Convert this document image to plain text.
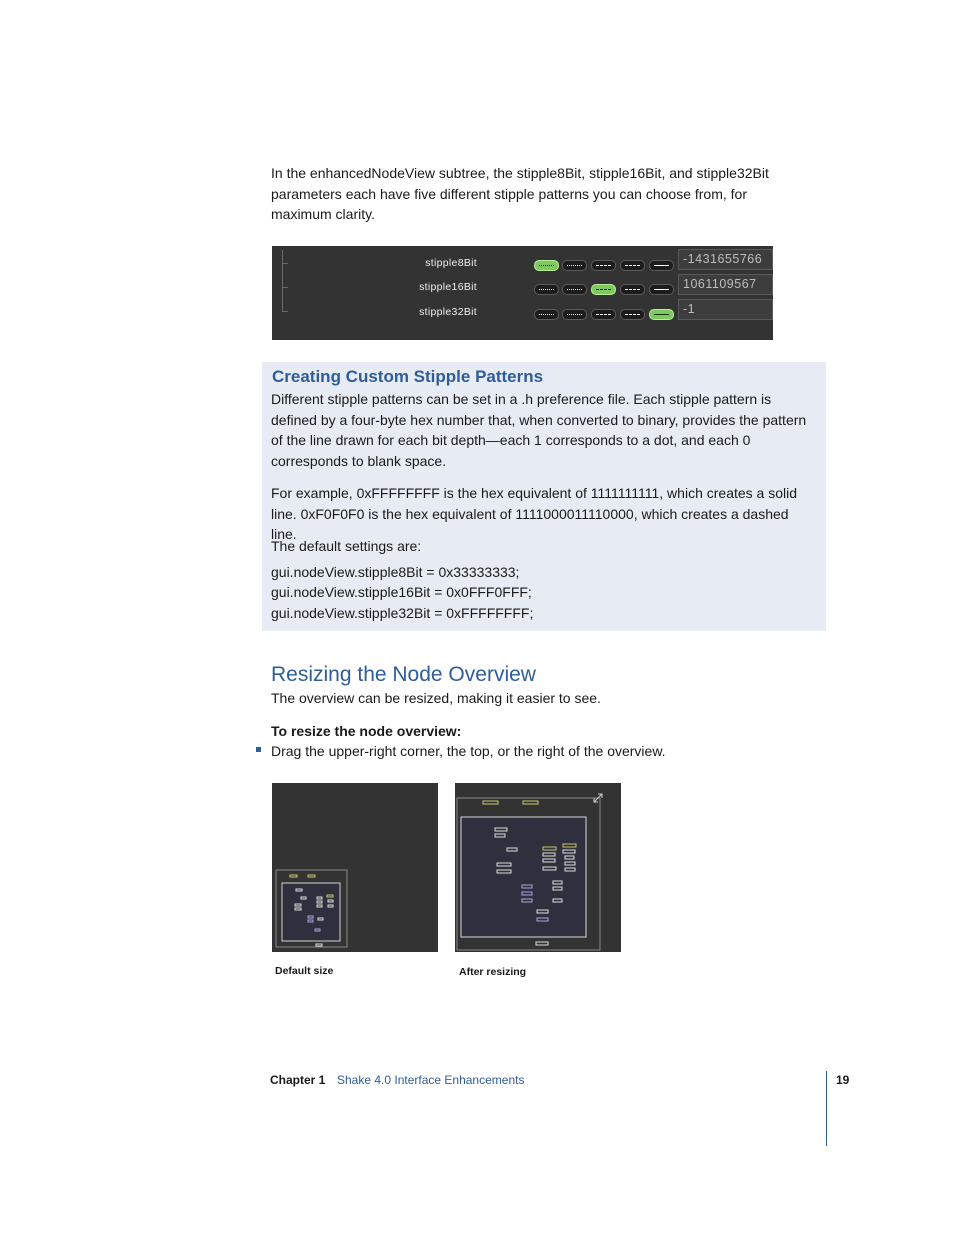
In the enhancedNodeView subtree, the stipple8Bit, stipple16Bit, and stipple32Bit parameters each have five different stipple patterns you can choose from, for maximum clarity.

stipple8Bit
stipple16Bit
stipple32Bit
-1431655766
1061109567
-1
Creating Custom Stipple Patterns

Different stipple patterns can be set in a .h preference file. Each stipple pattern is defined by a four-byte hex number that, when converted to binary, provides the pattern of the line drawn for each bit depth—each 1 corresponds to a dot, and each 0 corresponds to blank space.

For example, 0xFFFFFFFF is the hex equivalent of 1111111111, which creates a solid line. 0xF0F0F0 is the hex equivalent of 1111000011110000, which creates a dashed line.

The default settings are:

gui.nodeView.stipple8Bit = 0x33333333;

gui.nodeView.stipple16Bit = 0x0FFF0FFF;

gui.nodeView.stipple32Bit = 0xFFFFFFFF;

Resizing the Node Overview

The overview can be resized, making it easier to see.

To resize the node overview:

Drag the upper-right corner, the top, or the right of the overview.

Default size	After resizing
Chapter 1 Shake 4.0 Interface Enhancements	19
